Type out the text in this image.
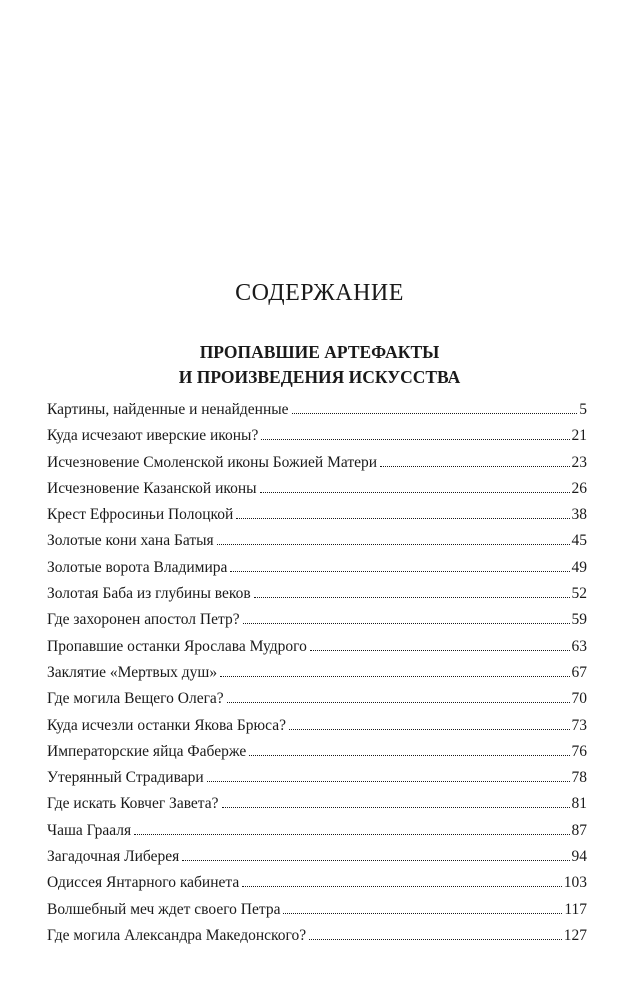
СОДЕРЖАНИЕ
ПРОПАВШИЕ АРТЕФАКТЫ
И ПРОИЗВЕДЕНИЯ ИСКУССТВА
Картины, найденные и ненайденные	5
Куда исчезают иверские иконы?	21
Исчезновение Смоленской иконы Божией Матери	23
Исчезновение Казанской иконы	26
Крест Ефросиньи Полоцкой	38
Золотые кони хана Батыя	45
Золотые ворота Владимира	49
Золотая Баба из глубины веков	52
Где захоронен апостол Петр?	59
Пропавшие останки Ярослава Мудрого	63
Заклятие «Мертвых душ»	67
Где могила Вещего Олега?	70
Куда исчезли останки Якова Брюса?	73
Императорские яйца Фаберже	76
Утерянный Страдивари	78
Где искать Ковчег Завета?	81
Чаша Грааля	87
Загадочная Либерея	94
Одиссея Янтарного кабинета	103
Волшебный меч ждет своего Петра	117
Где могила Александра Македонского?	127
